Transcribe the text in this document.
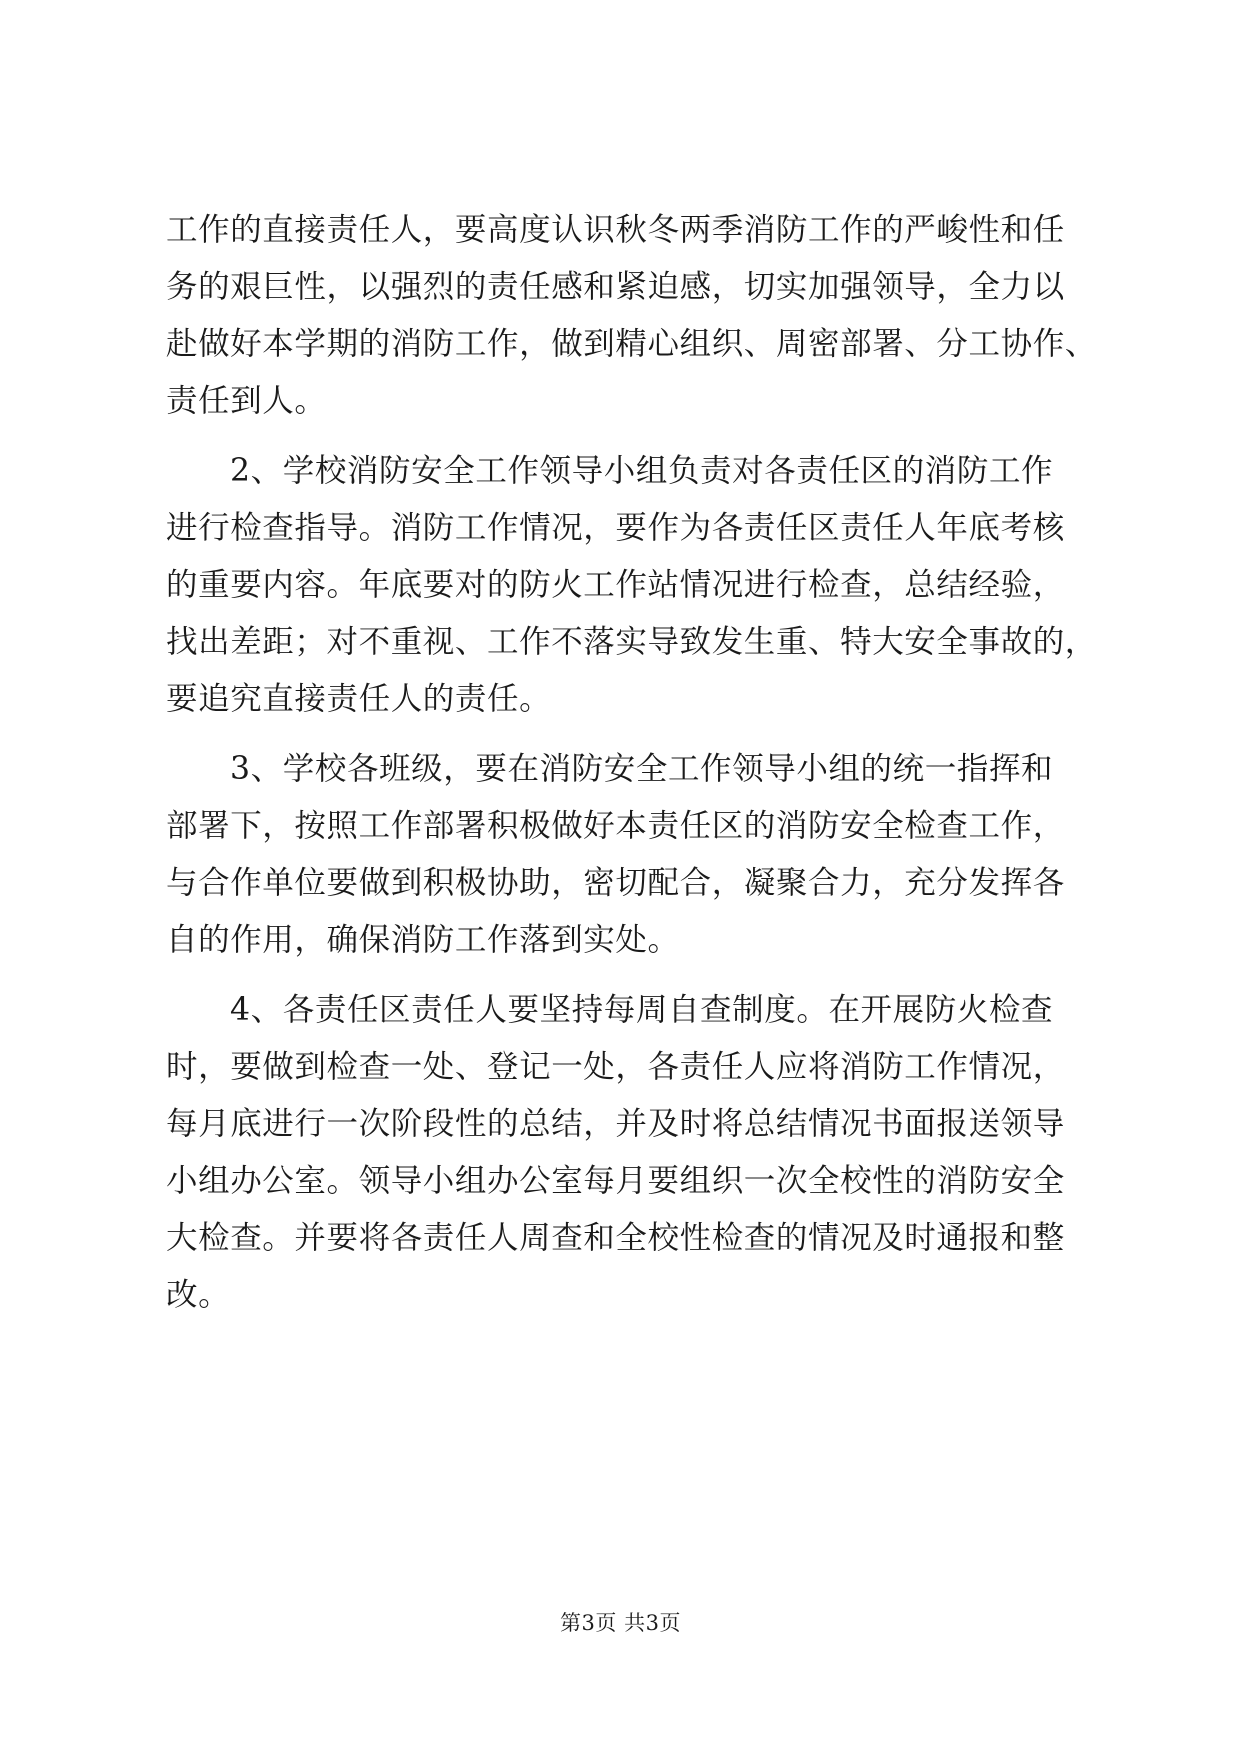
工作的直接责任人，要高度认识秋冬两季消防工作的严峻性和任
务的艰巨性，以强烈的责任感和紧迫感，切实加强领导，全力以
赴做好本学期的消防工作，做到精心组织、周密部署、分工协作、
责任到人。
2、学校消防安全工作领导小组负责对各责任区的消防工作
进行检查指导。消防工作情况，要作为各责任区责任人年底考核
的重要内容。年底要对的防火工作站情况进行检查，总结经验，
找出差距；对不重视、工作不落实导致发生重、特大安全事故的，
要追究直接责任人的责任。
3、学校各班级，要在消防安全工作领导小组的统一指挥和
部署下，按照工作部署积极做好本责任区的消防安全检查工作，
与合作单位要做到积极协助，密切配合，凝聚合力，充分发挥各
自的作用，确保消防工作落到实处。
4、各责任区责任人要坚持每周自查制度。在开展防火检查
时，要做到检查一处、登记一处，各责任人应将消防工作情况，
每月底进行一次阶段性的总结，并及时将总结情况书面报送领导
小组办公室。领导小组办公室每月要组织一次全校性的消防安全
大检查。并要将各责任人周查和全校性检查的情况及时通报和整
改。
第3页 共3页
